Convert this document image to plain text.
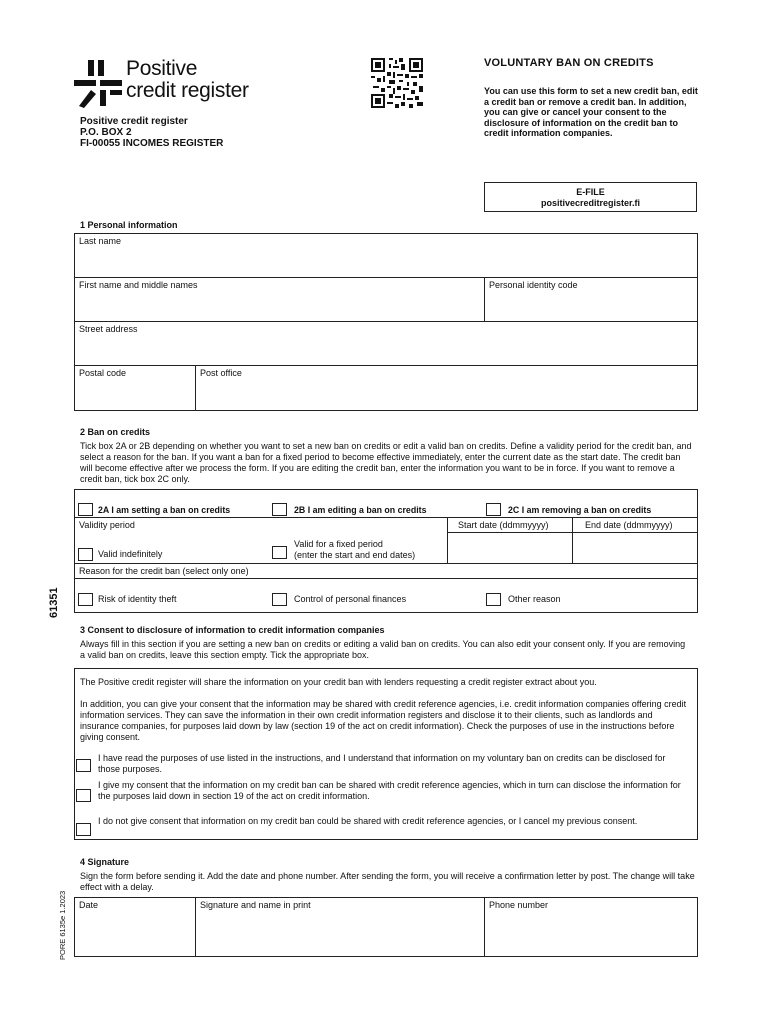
Positive
credit register
Positive credit register
P.O. BOX 2
FI-00055 INCOMES REGISTER
VOLUNTARY BAN ON CREDITS
You can use this form to set a new credit ban, edit a credit ban or remove a credit ban. In addition, you can give or cancel your consent to the disclosure of information on the credit ban to credit information companies.
E-FILE
positivecreditregister.fi
1 Personal information
Last name
First name and middle names	Personal identity code
Street address
Postal code	Post office
2 Ban on credits
Tick box 2A or 2B depending on whether you want to set a new ban on credits or edit a valid ban on credits. Define a validity period for the credit ban, and select a reason for the ban. If you want a ban for a fixed period to become effective immediately, enter the current date as the start date. The credit ban will become effective after we process the form. If you are editing the credit ban, enter the information you want to be in force. If you want to remove a credit ban, tick box 2C only.
2A I am setting a ban on credits	2B I am editing a ban on credits	2C I am removing a ban on credits
Validity period	Start date (ddmmyyyy)	End date (ddmmyyyy)
Valid indefinitely
Valid for a fixed period
(enter the start and end dates)
Reason for the credit ban (select only one)
Risk of identity theft	Control of personal finances	Other reason
3 Consent to disclosure of information to credit information companies
Always fill in this section if you are setting a new ban on credits or editing a valid ban on credits. You can also edit your consent only. If you are removing a valid ban on credits, leave this section empty. Tick the appropriate box.
The Positive credit register will share the information on your credit ban with lenders requesting a credit register extract about you.
In addition, you can give your consent that the information may be shared with credit reference agencies, i.e. credit information companies offering credit information services. They can save the information in their own credit information registers and disclose it to their clients, such as landlords and insurance companies, for purposes laid down by law (section 19 of the act on credit information). Check the purposes of use in the instructions before giving consent.
I have read the purposes of use listed in the instructions, and I understand that information on my voluntary ban on credits can be disclosed for those purposes.
I give my consent that the information on my credit ban can be shared with credit reference agencies, which in turn can disclose the information for the purposes laid down in section 19 of the act on credit information.
I do not give consent that information on my credit ban could be shared with credit reference agencies, or I cancel my previous consent.
4 Signature
Sign the form before sending it. Add the date and phone number. After sending the form, you will receive a confirmation letter by post. The change will take effect with a delay.
Date	Signature and name in print	Phone number
61351
PORE 6135e 1.2023
